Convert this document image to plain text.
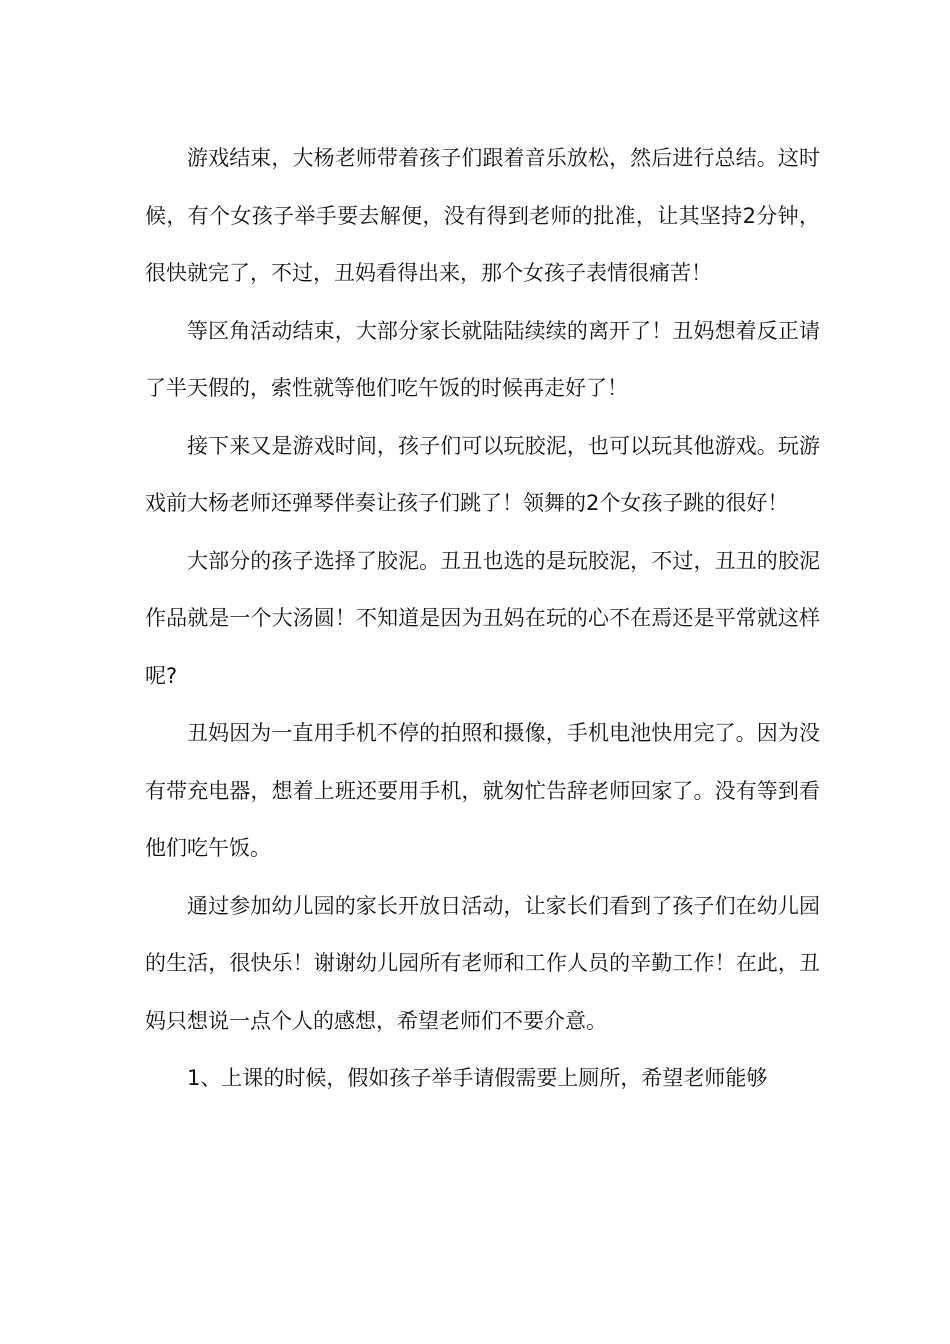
游戏结束，大杨老师带着孩子们跟着音乐放松，然后进行总结。这时候，有个女孩子举手要去解便，没有得到老师的批准，让其坚持2分钟，很快就完了，不过，丑妈看得出来，那个女孩子表情很痛苦！

等区角活动结束，大部分家长就陆陆续续的离开了！丑妈想着反正请了半天假的，索性就等他们吃午饭的时候再走好了！

接下来又是游戏时间，孩子们可以玩胶泥，也可以玩其他游戏。玩游戏前大杨老师还弹琴伴奏让孩子们跳了！领舞的2个女孩子跳的很好！

大部分的孩子选择了胶泥。丑丑也选的是玩胶泥，不过，丑丑的胶泥作品就是一个大汤圆！不知道是因为丑妈在玩的心不在焉还是平常就这样呢?

丑妈因为一直用手机不停的拍照和摄像，手机电池快用完了。因为没有带充电器，想着上班还要用手机，就匆忙告辞老师回家了。没有等到看他们吃午饭。

通过参加幼儿园的家长开放日活动，让家长们看到了孩子们在幼儿园的生活，很快乐！谢谢幼儿园所有老师和工作人员的辛勤工作！在此，丑妈只想说一点个人的感想，希望老师们不要介意。

1、上课的时候，假如孩子举手请假需要上厕所，希望老师能够
